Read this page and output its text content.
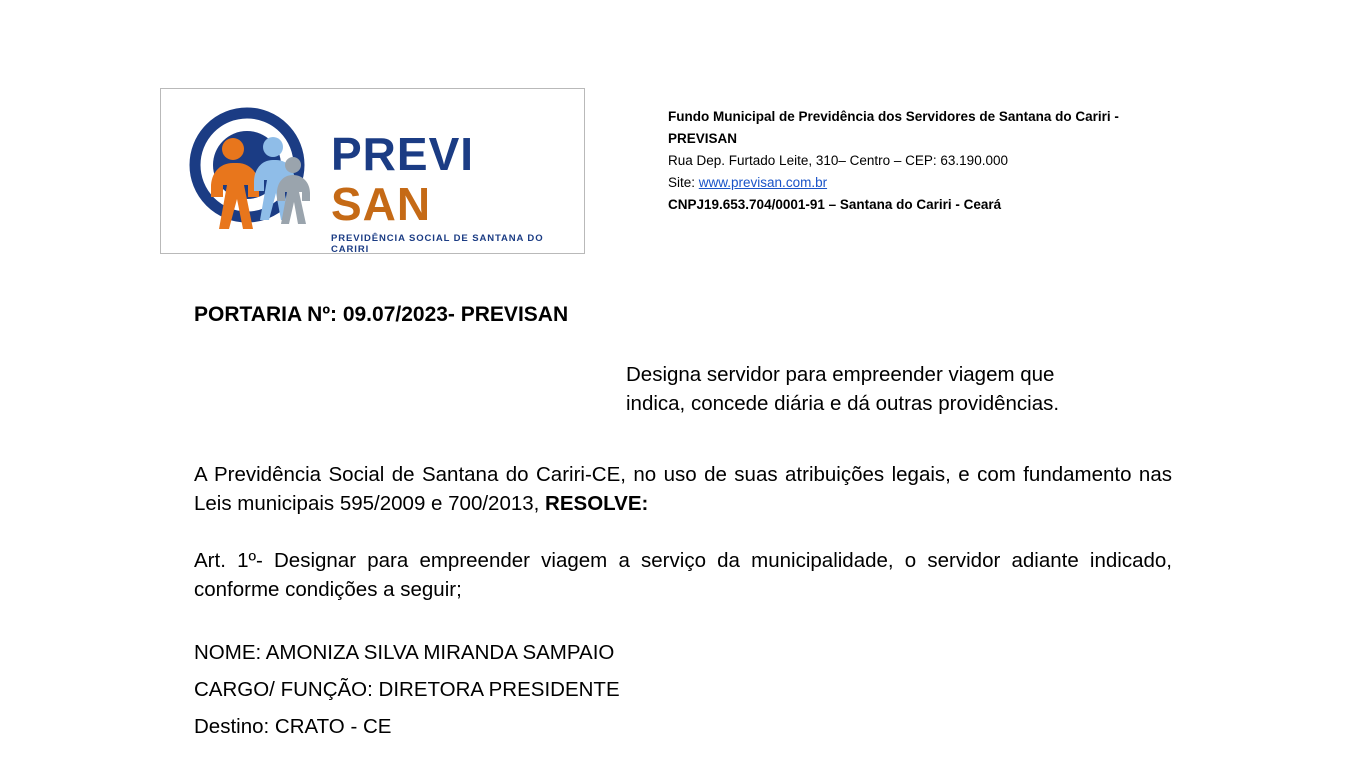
PREVISAN
PREVIDÊNCIA SOCIAL DE SANTANA DO CARIRI
Fundo Municipal de Previdência dos Servidores de Santana do Cariri - PREVISAN
Rua Dep. Furtado Leite, 310– Centro – CEP: 63.190.000
Site: www.previsan.com.br
CNPJ19.653.704/0001-91 – Santana do Cariri - Ceará
PORTARIA Nº: 09.07/2023- PREVISAN
Designa servidor para empreender viagem que
indica, concede diária e dá outras providências.

A Previdência Social de Santana do Cariri-CE, no uso de suas atribuições legais, e com fundamento nas Leis municipais 595/2009 e 700/2013, RESOLVE:

Art. 1º- Designar para empreender viagem a serviço da municipalidade, o servidor adiante indicado, conforme condições a seguir;

NOME: AMONIZA SILVA MIRANDA SAMPAIO

CARGO/ FUNÇÃO: DIRETORA PRESIDENTE

Destino: CRATO - CE
